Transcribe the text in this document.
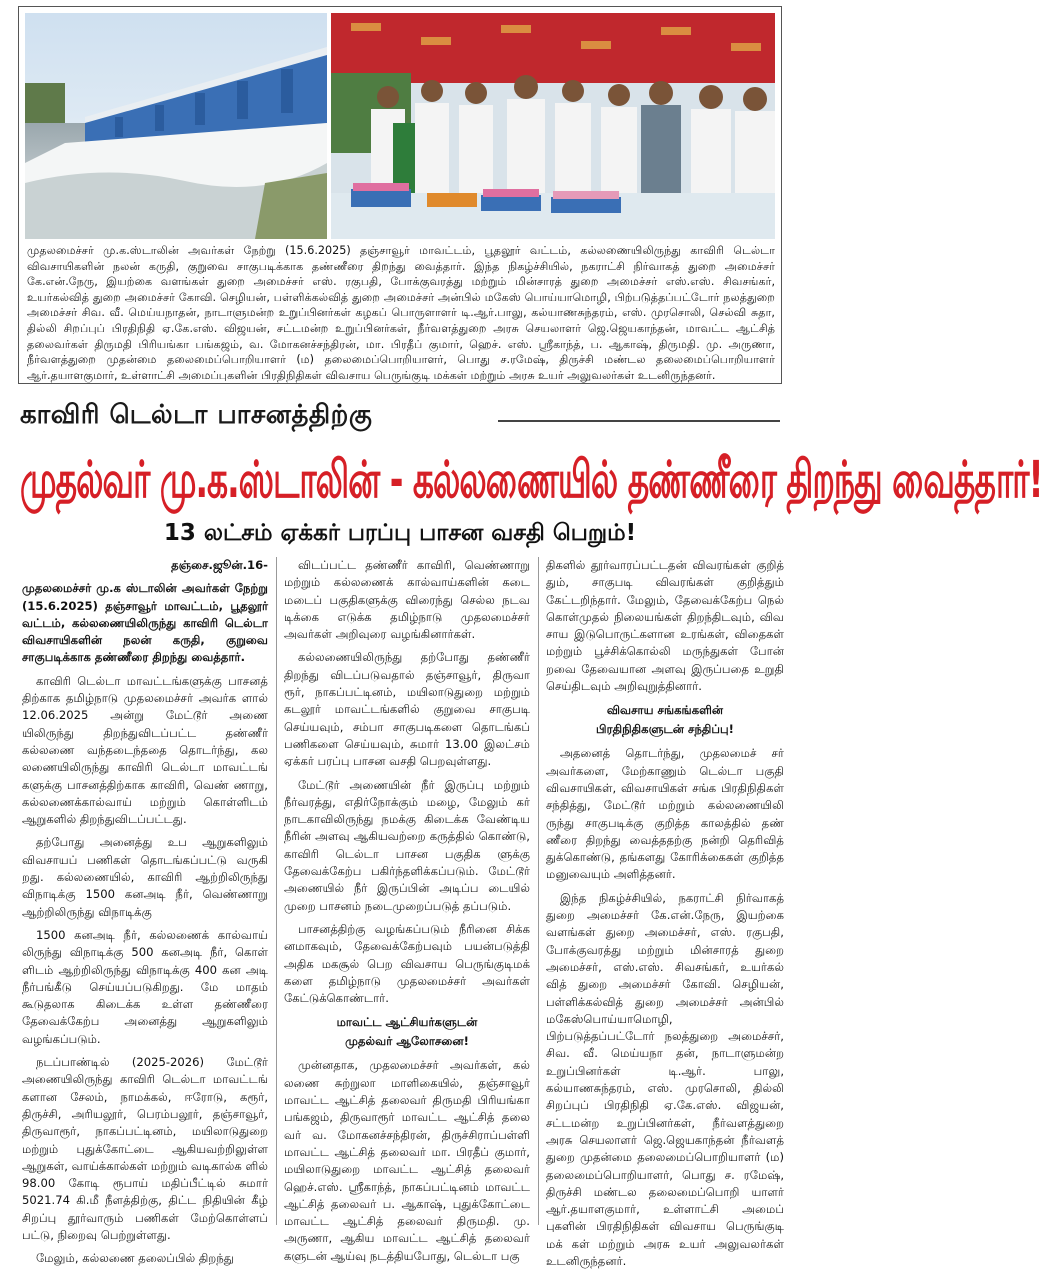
முதலமைச்சர் மு.க.ஸ்டாலின் அவர்கள் நேற்று (15.6.2025) தஞ்சாவூர் மாவட்டம், பூதலூர் வட்டம், கல்லணையிலிருந்து காவிரி டெல்டா விவசாயிகளின் நலன் கருதி, குறுவை சாகுபடிக்காக தண்ணீரை திறந்து வைத்தார். இந்த நிகழ்ச்சியில், நகராட்சி நிர்வாகத் துறை அமைச்சர் கே.என்.நேரு, இயற்கை வளங்கள் துறை அமைச்சர் எஸ். ரகுபதி, போக்குவரத்து மற்றும் மின்சாரத் துறை அமைச்சர் எஸ்.எஸ். சிவசங்கர், உயர்கல்வித் துறை அமைச்சர் கோவி. செழியன், பள்ளிக்கல்வித் துறை அமைச்சர் அன்பில் மகேஸ் பொய்யாமொழி, பிற்படுத்தப்பட்டோர் நலத்துறை அமைச்சர் சிவ. வீ. மெய்யநாதன், நாடாளுமன்ற உறுப்பினர்கள் கழகப் பொருளாளர் டி.ஆர்.பாலு, கல்யாணசுந்தரம், எஸ். முரசொலி, செல்வி சுதா, தில்லி சிறப்புப் பிரதிநிதி ஏ.கே.எஸ். விஜயன், சட்டமன்ற உறுப்பினர்கள், நீர்வளத்துறை அரசு செயலாளர் ஜெ.ஜெயகாந்தன், மாவட்ட ஆட்சித் தலைவர்கள் திருமதி பிரியங்கா பங்கஜம், வ. மோகனச்சந்திரன், மா. பிரதீப் குமார், ஹெச். எஸ். ஸ்ரீகாந்த், ப. ஆகாஷ், திருமதி. மு. அருணா, நீர்வளத்துறை முதன்மை தலைமைப்பொறியாளர் (ம) தலைமைப்பொறியாளர், பொது ச.ரமேஷ், திருச்சி மண்டல தலைமைப்பொறியாளர் ஆர்.தயாளகுமார், உள்ளாட்சி அமைப்புகளின் பிரதிநிதிகள் விவசாய பெருங்குடி மக்கள் மற்றும் அரசு உயர் அலுவலர்கள் உடனிருந்தனர்.
காவிரி டெல்டா பாசனத்திற்கு
முதல்வர் மு.க.ஸ்டாலின் - கல்லணையில் தண்ணீரை திறந்து வைத்தார்!
13 லட்சம் ஏக்கர் பரப்பு பாசன வசதி பெறும்!

தஞ்சை.ஜூன்.16-

முதலமைச்சர் மு.க ஸ்டாலின் அவர்கள் நேற்று (15.6.2025) தஞ்சாவூர் மாவட்டம், பூதலூர் வட்டம், கல்லணையிலிருந்து காவிரி டெல்டா விவசாயிகளின் நலன் கருதி, குறுவை சாகுபடிக்காக தண்ணீரை திறந்து வைத்தார்.

காவிரி டெல்டா மாவட்டங்களுக்கு பாசனத் திற்காக தமிழ்நாடு முதலமைச்சர் அவர்க ளால் 12.06.2025 அன்று மேட்டூர் அணை யிலிருந்து திறந்துவிடப்பட்ட தண்ணீர் கல்லணை வந்தடைந்ததை தொடர்ந்து, கல லணையிலிருந்து காவிரி டெல்டா மாவட்டங் களுக்கு பாசனத்திற்காக காவிரி, வெண் ணாறு, கல்லணைக்கால்வாய் மற்றும் கொள்ளிடம் ஆறுகளில் திறந்துவிடப்பட்டது.

தற்போது அனைத்து உப ஆறுகளிலும் விவசாயப் பணிகள் தொடங்கப்பட்டு வருகி றது. கல்லணையில், காவிரி ஆற்றிலிருந்து விநாடிக்கு 1500 கனஅடி நீர், வெண்ணாறு ஆற்றிலிருந்து விநாடிக்கு

1500 கனஅடி நீர், கல்லணைக் கால்வாய் லிருந்து விநாடிக்கு 500 கனஅடி நீர், கொள் ளிடம் ஆற்றிலிருந்து விநாடிக்கு 400 கன அடி நீர்பங்கீடு செய்யப்படுகிறது. மே மாதம் கூடுதலாக கிடைக்க உள்ள தண்ணீரை தேவைக்கேற்ப அனைத்து ஆறுகளிலும் வழங்கப்படும்.

நடப்பாண்டில் (2025-2026) மேட்டூர் அணையிலிருந்து காவிரி டெல்டா மாவட்டங் களான சேலம், நாமக்கல், ஈரோடு, கரூர், திருச்சி, அரியலூர், பெரம்பலூர், தஞ்சாவூர், திருவாரூர், நாகப்பட்டினம், மயிலாடுதுறை மற்றும் புதுக்கோட்டை ஆகியவற்றிலுள்ள ஆறுகள், வாய்க்கால்கள் மற்றும் வடிகால்க ளில் 98.00 கோடி ரூபாய் மதிப்பீட்டில் சுமார் 5021.74 கி.மீ நீளத்திற்கு, திட்ட நிதியின் கீழ் சிறப்பு தூர்வாரும் பணிகள் மேற்கொள்ளப் பட்டு, நிறைவு பெற்றுள்ளது.

மேலும், கல்லணை தலைப்பில் திறந்து

விடப்பட்ட தண்ணீர் காவிரி, வெண்ணாறு மற்றும் கல்லணைக் கால்வாய்களின் கடை மடைப் பகுதிகளுக்கு விரைந்து செல்ல நடவ டிக்கை எடுக்க தமிழ்நாடு முதலமைச்சர் அவர்கள் அறிவுரை வழங்கினார்கள்.

கல்லணையிலிருந்து தற்போது தண்ணீர் திறந்து விடப்படுவதால் தஞ்சாவூர், திருவா ரூர், நாகப்பட்டினம், மயிலாடுதுறை மற்றும் கடலூர் மாவட்டங்களில் குறுவை சாகுபடி செய்யவும், சம்பா சாகுபடிகளை தொடங்கப் பணிகளை செய்யவும், சுமார் 13.00 இலட்சம் ஏக்கர் பரப்பு பாசன வசதி பெறவுள்ளது.

மேட்டூர் அணையின் நீர் இருப்பு மற்றும் நீர்வரத்து, எதிர்நோக்கும் மழை, மேலும் கர் நாடகாவிலிருந்து நமக்கு கிடைக்க வேண்டிய நீரின் அளவு ஆகியவற்றை கருத்தில் கொண்டு, காவிரி டெல்டா பாசன பகுதிக ளுக்கு தேவைக்கேற்ப பகிர்ந்தளிக்கப்படும். மேட்டூர் அணையில் நீர் இருப்பின் அடிப்ப டையில் முறை பாசனம் நடைமுறைப்படுத் தப்படும்.

பாசனத்திற்கு வழங்கப்படும் நீரினை சிக்க னமாகவும், தேவைக்கேற்பவும் பயன்படுத்தி அதிக மகசூல் பெற விவசாய பெருங்குடிமக் களை தமிழ்நாடு முதலமைச்சர் அவர்கள் கேட்டுக்கொண்டார்.

மாவட்ட ஆட்சியர்களுடன்
முதல்வர் ஆலோசனை!

முன்னதாக, முதலமைச்சர் அவர்கள், கல் லணை சுற்றுலா மாளிகையில், தஞ்சாவூர் மாவட்ட ஆட்சித் தலைவர் திருமதி பிரியங்கா பங்கஜம், திருவாரூர் மாவட்ட ஆட்சித் தலை வர் வ. மோகனச்சந்திரன், திருச்சிராப்பள்ளி மாவட்ட ஆட்சித் தலைவர் மா. பிரதீப் குமார், மயிலாடுதுறை மாவட்ட ஆட்சித் தலைவர் ஹெச்.எஸ். ஸ்ரீகாந்த், நாகப்பட்டினம் மாவட்ட ஆட்சித் தலைவர் ப. ஆகாஷ், புதுக்கோட்டை மாவட்ட ஆட்சித் தலைவர் திருமதி. மு. அருணா, ஆகிய மாவட்ட ஆட்சித் தலைவர் களுடன் ஆய்வு நடத்தியபோது, டெல்டா பகு

திகளில் தூர்வாரப்பட்டதன் விவரங்கள் குறித் தும், சாகுபடி விவரங்கள் குறித்தும் கேட்டறிந்தார். மேலும், தேவைக்கேற்ப நெல் கொள்முதல் நிலையங்கள் திறந்திடவும், விவ சாய இடுபொருட்களான உரங்கள், விதைகள் மற்றும் பூச்சிக்கொல்லி மருந்துகள் போன் றவை தேவையான அளவு இருப்பதை உறுதி செய்திடவும் அறிவுறுத்தினார்.

விவசாய சங்கங்களின்
பிரதிநிதிகளுடன் சந்திப்பு!

அதனைத் தொடர்ந்து, முதலமைச் சர் அவர்களை, மேற்காணும் டெல்டா பகுதி விவசாயிகள், விவசாயிகள் சங்க பிரதிநிதிகள் சந்தித்து, மேட்டூர் மற்றும் கல்லணையிலி ருந்து சாகுபடிக்கு குறித்த காலத்தில் தண் ணீரை திறந்து வைத்ததற்கு நன்றி தெரிவித் துக்கொண்டு, தங்களது கோரிக்கைகள் குறித்த மனுவையும் அளித்தனர்.

இந்த நிகழ்ச்சியில், நகராட்சி நிர்வாகத் துறை அமைச்சர் கே.என்.நேரு, இயற்கை வளங்கள் துறை அமைச்சர், எஸ். ரகுபதி, போக்குவரத்து மற்றும் மின்சாரத் துறை அமைச்சர், எஸ்.எஸ். சிவசங்கர், உயர்கல் வித் துறை அமைச்சர் கோவி. செழியன், பள்ளிக்கல்வித் துறை அமைச்சர் அன்பில் மகேஸ்பொய்யாமொழி, பிற்படுத்தப்பட்டோர் நலத்துறை அமைச்சர், சிவ. வீ. மெய்யநா தன், நாடாளுமன்ற உறுப்பினர்கள் டி.ஆர். பாலு, கல்யாணசுந்தரம், எஸ். முரசொலி, தில்லி சிறப்புப் பிரதிநிதி ஏ.கே.எஸ். விஜயன், சட்டமன்ற உறுப்பினர்கள், நீர்வளத்துறை அரசு செயலாளர் ஜெ.ஜெயகாந்தன் நீர்வளத் துறை முதன்மை தலைமைப்பொறியாளர் (ம) தலைமைப்பொறியாளர், பொது ச. ரமேஷ், திருச்சி மண்டல தலைமைப்பொறி யாளர் ஆர்.தயாளகுமார், உள்ளாட்சி அமைப் புகளின் பிரதிநிதிகள் விவசாய பெருங்குடி மக் கள் மற்றும் அரசு உயர் அலுவலர்கள் உடனிருந்தனர்.
